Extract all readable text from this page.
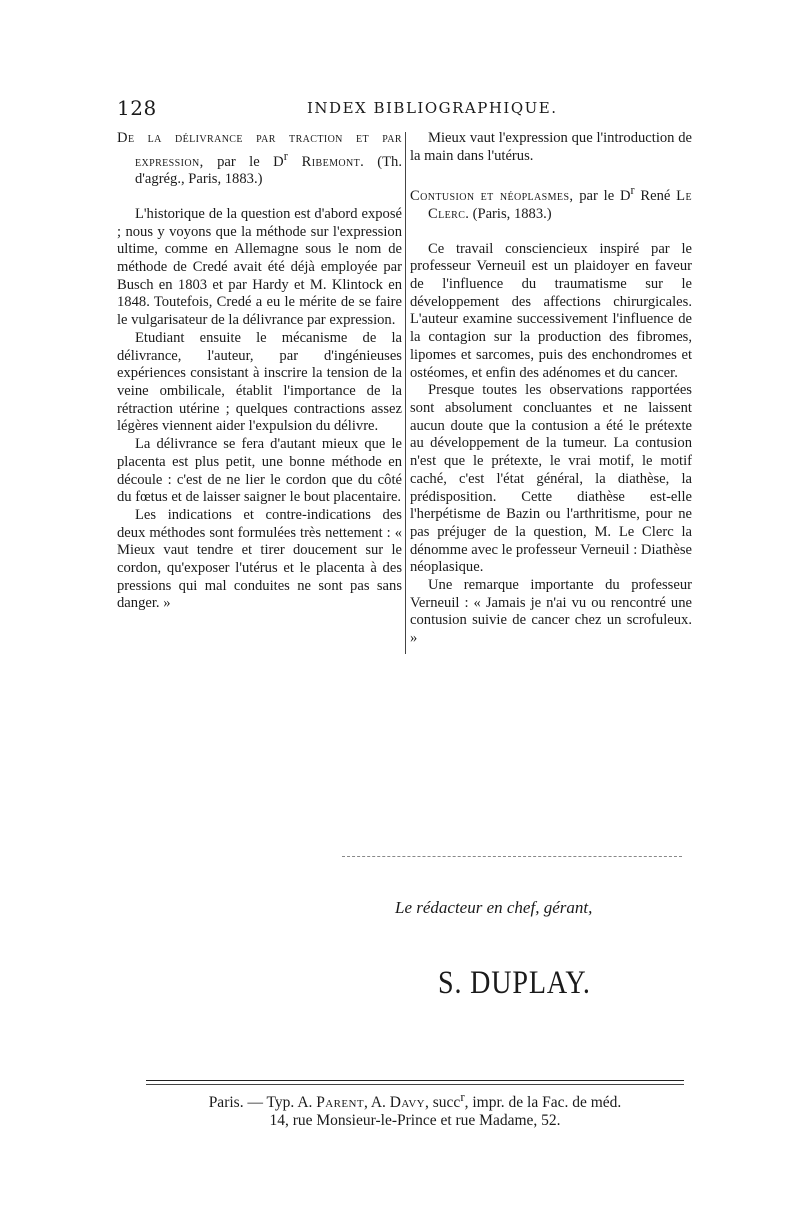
128	INDEX BIBLIOGRAPHIQUE.
De la délivrance par traction et par expression, par le $D^r$ Ribemont. (Th. d'agrég., Paris, 1883.)

L'historique de la question est d'abord exposé ; nous y voyons que la méthode sur l'expression ultime, comme en Allemagne sous le nom de méthode de Credé avait été déjà employée par Busch en 1803 et par Hardy et M. Klintock en 1848. Toutefois, Credé a eu le mérite de se faire le vulgarisateur de la délivrance par expression.

Etudiant ensuite le mécanisme de la délivrance, l'auteur, par d'ingénieuses expériences consistant à inscrire la tension de la veine ombilicale, établit l'importance de la rétraction utérine ; quelques contractions assez légères viennent aider l'expulsion du délivre.

La délivrance se fera d'autant mieux que le placenta est plus petit, une bonne méthode en découle : c'est de ne lier le cordon que du côté du fœtus et de laisser saigner le bout placentaire.

Les indications et contre-indications des deux méthodes sont formulées très nettement : « Mieux vaut tendre et tirer doucement sur le cordon, qu'exposer l'utérus et le placenta à des pressions qui mal conduites ne sont pas sans danger. »

Mieux vaut l'expression que l'introduction de la main dans l'utérus.

Contusion et néoplasmes, par le $D^r$ René Le Clerc. (Paris, 1883.)

Ce travail consciencieux inspiré par le professeur Verneuil est un plaidoyer en faveur de l'influence du traumatisme sur le développement des affections chirurgicales. L'auteur examine successivement l'influence de la contagion sur la production des fibromes, lipomes et sarcomes, puis des enchondromes et ostéomes, et enfin des adénomes et du cancer.

Presque toutes les observations rapportées sont absolument concluantes et ne laissent aucun doute que la contusion a été le prétexte au développement de la tumeur. La contusion n'est que le prétexte, le vrai motif, le motif caché, c'est l'état général, la diathèse, la prédisposition. Cette diathèse est-elle l'herpétisme de Bazin ou l'arthritisme, pour ne pas préjuger de la question, M. Le Clerc la dénomme avec le professeur Verneuil : Diathèse néoplasique.

Une remarque importante du professeur Verneuil : « Jamais je n'ai vu ou rencontré une contusion suivie de cancer chez un scrofuleux. »

Le rédacteur en chef, gérant,
S. DUPLAY.
Paris. — Typ. A. Parent, A. Davy, succ$^r$, impr. de la Fac. de méd.
14, rue Monsieur-le-Prince et rue Madame, 52.
